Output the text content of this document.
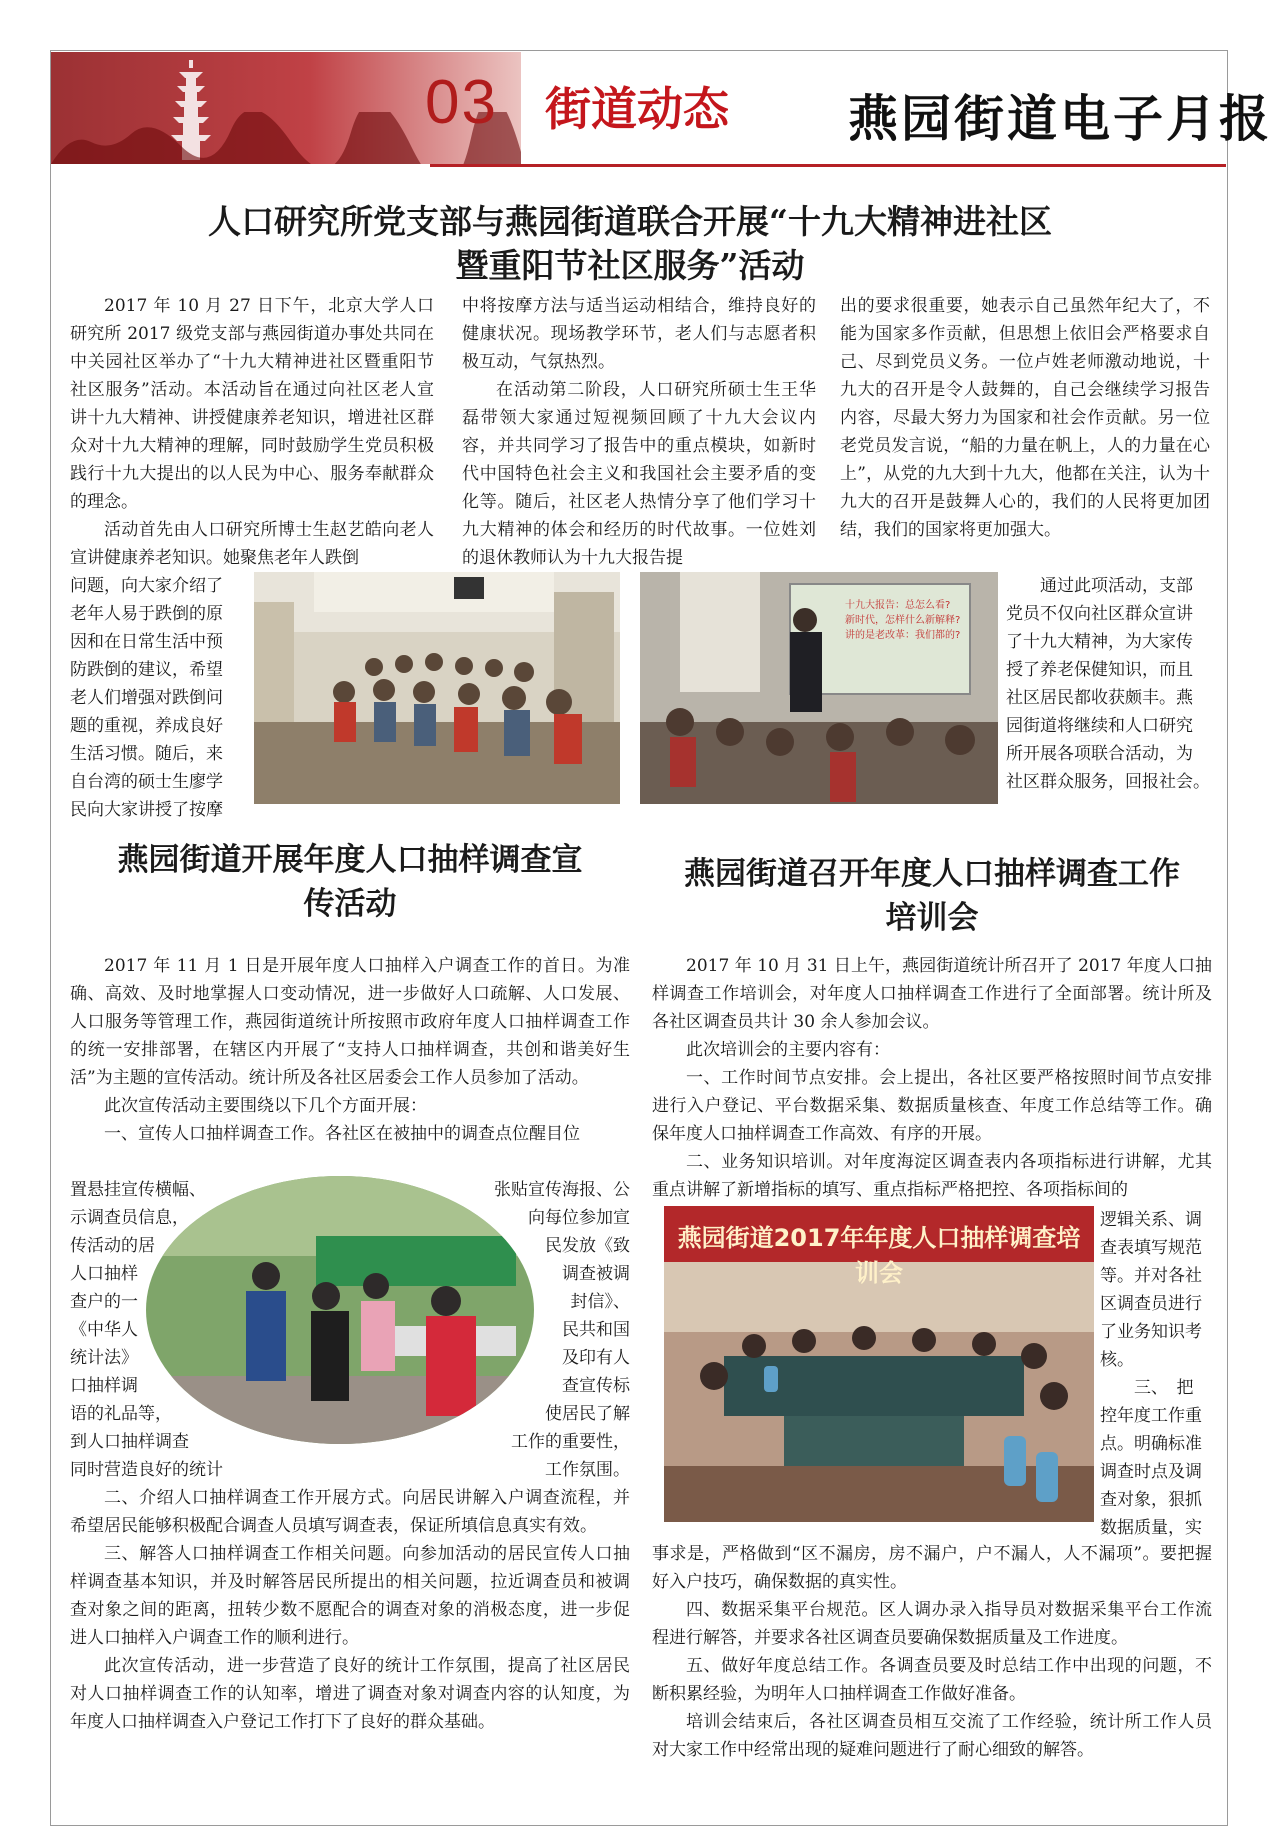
03 街道动态 燕园街道电子月报
人口研究所党支部与燕园街道联合开展“十九大精神进社区
暨重阳节社区服务”活动

2017 年 10 月 27 日下午，北京大学人口研究所 2017 级党支部与燕园街道办事处共同在中关园社区举办了“十九大精神进社区暨重阳节社区服务”活动。本活动旨在通过向社区老人宣讲十九大精神、讲授健康养老知识，增进社区群众对十九大精神的理解，同时鼓励学生党员积极践行十九大提出的以人民为中心、服务奉献群众的理念。

活动首先由人口研究所博士生赵艺皓向老人宣讲健康养老知识。她聚焦老年人跌倒

问题，向大家介绍了
老年人易于跌倒的原
因和在日常生活中预
防跌倒的建议，希望
老人们增强对跌倒问
题的重视，养成良好
生活习惯。随后，来
自台湾的硕士生廖学
民向大家讲授了按摩

中将按摩方法与适当运动相结合，维持良好的健康状况。现场教学环节，老人们与志愿者积极互动，气氛热烈。

在活动第二阶段，人口研究所硕士生王华磊带领大家通过短视频回顾了十九大会议内容，并共同学习了报告中的重点模块，如新时代中国特色社会主义和我国社会主要矛盾的变化等。随后，社区老人热情分享了他们学习十九大精神的体会和经历的时代故事。一位姓刘的退休教师认为十九大报告提

出的要求很重要，她表示自己虽然年纪大了，不能为国家多作贡献，但思想上依旧会严格要求自己、尽到党员义务。一位卢姓老师激动地说，十九大的召开是令人鼓舞的，自己会继续学习报告内容，尽最大努力为国家和社会作贡献。另一位老党员发言说，“船的力量在帆上，人的力量在心上”，从党的九大到十九大，他都在关注，认为十九大的召开是鼓舞人心的，我们的人民将更加团结，我们的国家将更加强大。

通过此项活动，支部
党员不仅向社区群众宣讲
了十九大精神，为大家传
授了养老保健知识，而且
社区居民都收获颇丰。燕
园街道将继续和人口研究
所开展各项联合活动，为
社区群众服务，回报社会。
十九大报告：总怎么看?
新时代，怎样什么新解释?
讲的是老改革：我们都的?
燕园街道开展年度人口抽样调查宣
传活动

2017 年 11 月 1 日是开展年度人口抽样入户调查工作的首日。为准确、高效、及时地掌握人口变动情况，进一步做好人口疏解、人口发展、人口服务等管理工作，燕园街道统计所按照市政府年度人口抽样调查工作的统一安排部署，在辖区内开展了“支持人口抽样调查，共创和谐美好生活”为主题的宣传活动。统计所及各社区居委会工作人员参加了活动。

此次宣传活动主要围绕以下几个方面开展：

一、宣传人口抽样调查工作。各社区在被抽中的调查点位醒目位

置悬挂宣传横幅、
示调查员信息，
传活动的居
人口抽样
查户的一
《中华人
统计法》
口抽样调
语的礼品等，
到人口抽样调查
同时营造良好的统计
张贴宣传海报、公
向每位参加宣
民发放《致
调查被调
封信》、
民共和国
及印有人
查宣传标
使居民了解
工作的重要性，
工作氛围。

二、介绍人口抽样调查工作开展方式。向居民讲解入户调查流程，并希望居民能够积极配合调查人员填写调查表，保证所填信息真实有效。

三、解答人口抽样调查工作相关问题。向参加活动的居民宣传人口抽样调查基本知识，并及时解答居民所提出的相关问题，拉近调查员和被调查对象之间的距离，扭转少数不愿配合的调查对象的消极态度，进一步促进人口抽样入户调查工作的顺利进行。

此次宣传活动，进一步营造了良好的统计工作氛围，提高了社区居民对人口抽样调查工作的认知率，增进了调查对象对调查内容的认知度，为年度人口抽样调查入户登记工作打下了良好的群众基础。

燕园街道召开年度人口抽样调查工作
培训会

2017 年 10 月 31 日上午，燕园街道统计所召开了 2017 年度人口抽样调查工作培训会，对年度人口抽样调查工作进行了全面部署。统计所及各社区调查员共计 30 余人参加会议。

此次培训会的主要内容有：

一、工作时间节点安排。会上提出，各社区要严格按照时间节点安排进行入户登记、平台数据采集、数据质量核查、年度工作总结等工作。确保年度人口抽样调查工作高效、有序的开展。

二、业务知识培训。对年度海淀区调查表内各项指标进行讲解，尤其重点讲解了新增指标的填写、重点指标严格把控、各项指标间的

燕园街道2017年年度人口抽样调查培训会
逻辑关系、调
查表填写规范
等。并对各社
区调查员进行
了业务知识考
核。
三、　把
控年度工作重
点。明确标准
调查时点及调
查对象，狠抓
数据质量，实

事求是，严格做到“区不漏房，房不漏户，户不漏人，人不漏项”。要把握好入户技巧，确保数据的真实性。

四、数据采集平台规范。区人调办录入指导员对数据采集平台工作流程进行解答，并要求各社区调查员要确保数据质量及工作进度。

五、做好年度总结工作。各调查员要及时总结工作中出现的问题，不断积累经验，为明年人口抽样调查工作做好准备。

培训会结束后，各社区调查员相互交流了工作经验，统计所工作人员对大家工作中经常出现的疑难问题进行了耐心细致的解答。
